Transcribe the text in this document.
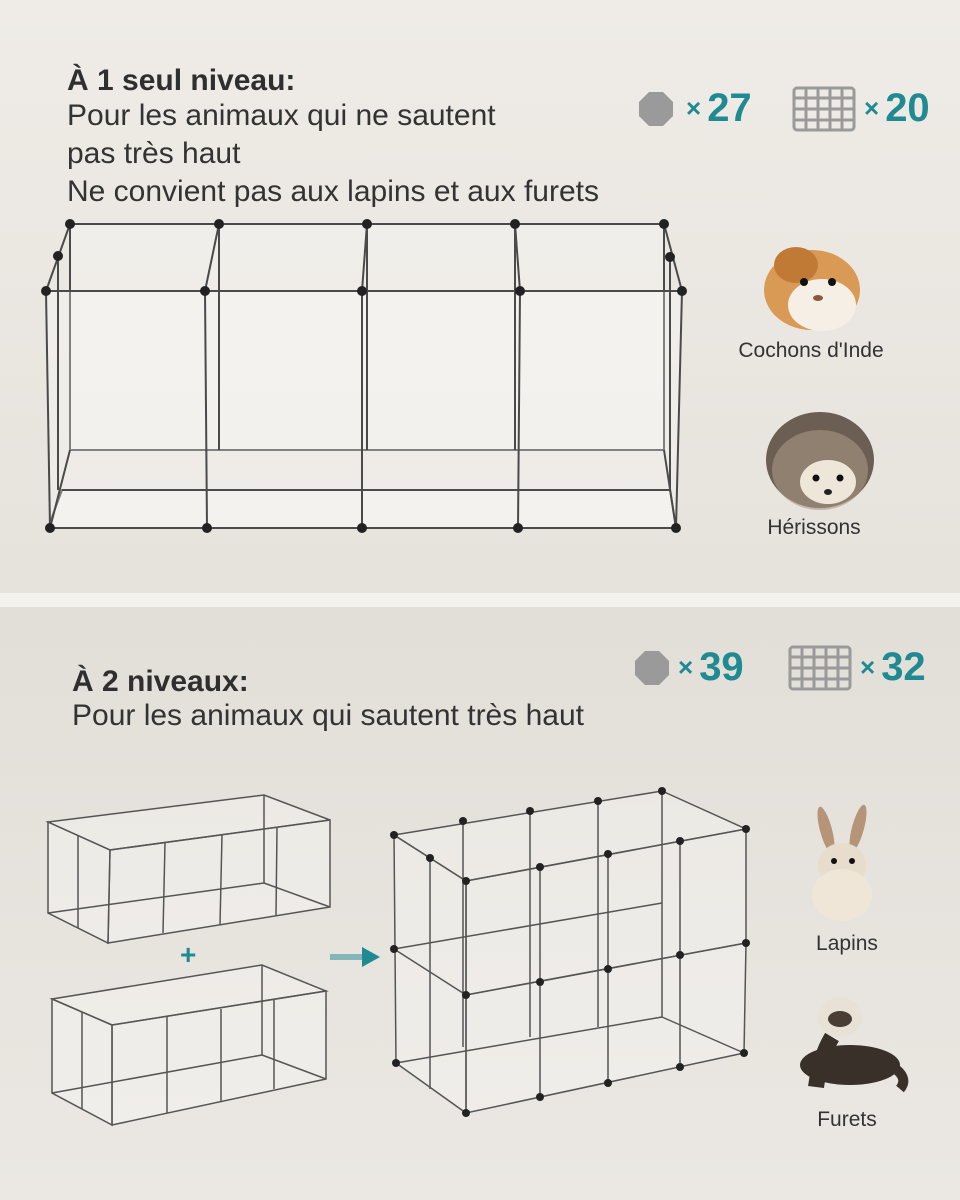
À 1 seul niveau:
Pour les animaux qui ne sautent
pas très haut
Ne convient pas aux lapins et aux furets
× 27	× 20
Cochons d'Inde
Hérissons
À 2 niveaux:
Pour les animaux qui sautent très haut
× 39	× 32
+	Lapins
Furets
